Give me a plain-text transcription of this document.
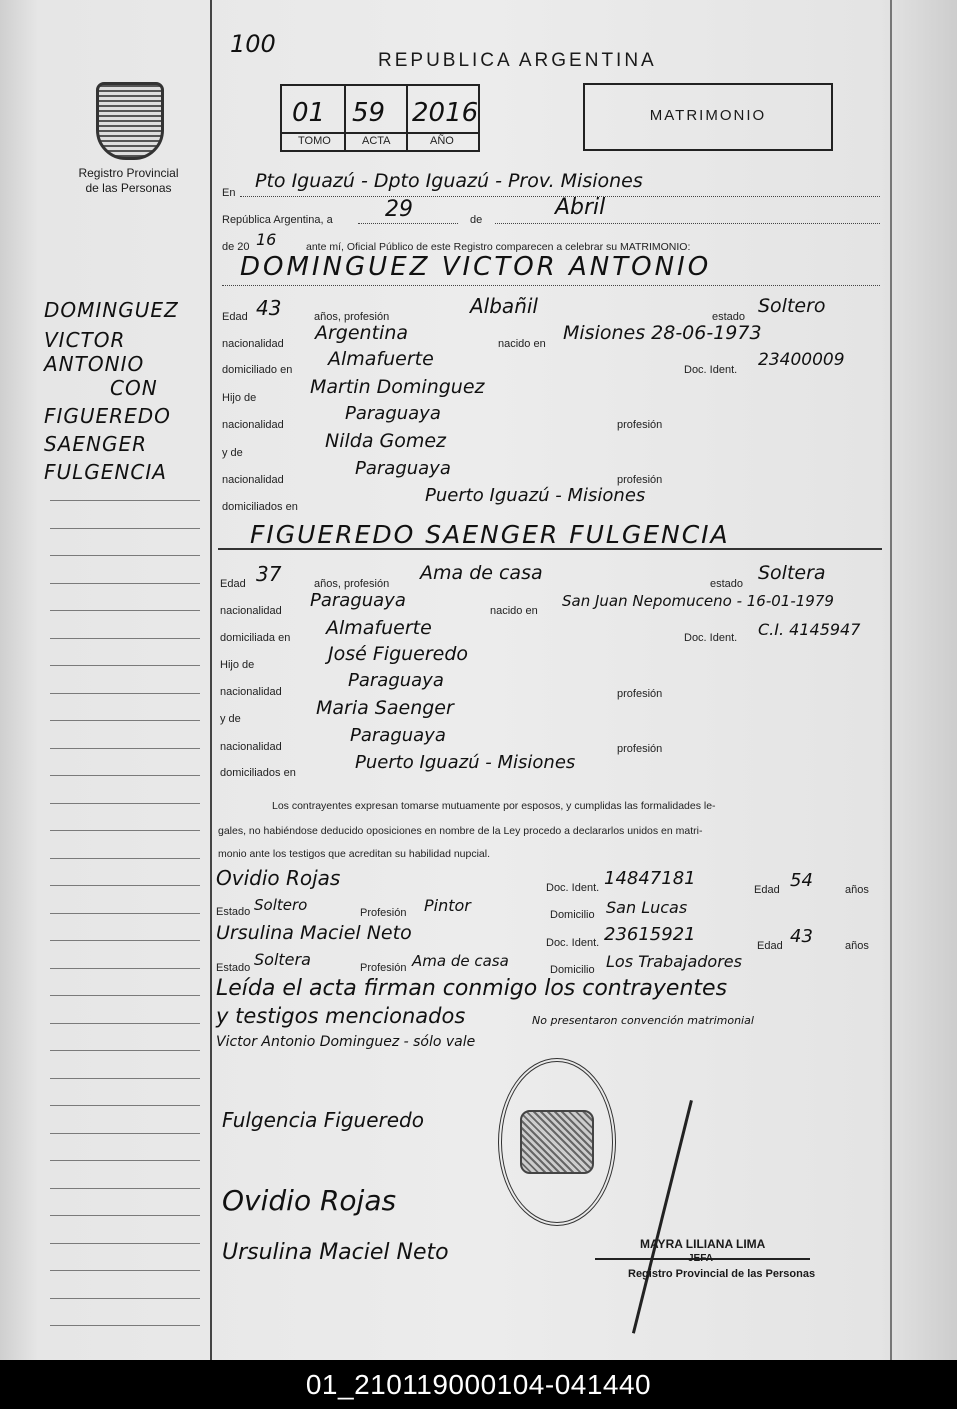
100
REPUBLICA ARGENTINA
Registro Provincial
de las Personas
01 59 2016
TOMO	ACTA	AÑO
MATRIMONIO
En
Pto Iguazú - Dpto Iguazú - Prov. Misiones
República Argentina, a 29	de	Abril
de 20 16	ante mí, Oficial Público de este Registro comparecen a celebrar su MATRIMONIO:
DOMINGUEZ
VICTOR
ANTONIO
CON
FIGUEREDO
SAENGER
FULGENCIA
DOMINGUEZ VICTOR ANTONIO
Edad 43	años, profesión	Albañil	estado Soltero
nacionalidad Argentina	nacido en Misiones 28-06-1973
domiciliado en Almafuerte	Doc. Ident. 23400009
Hijo de	Martin Dominguez
nacionalidad
Paraguaya
profesión
y de
Nilda Gomez
nacionalidad
Paraguaya
profesión
domiciliados en
Puerto Iguazú - Misiones
FIGUEREDO SAENGER FULGENCIA
Edad 37	años, profesión Ama de casa	estado Soltera
nacionalidad Paraguaya	nacido en
San Juan Nepomuceno - 16-01-1979
domiciliada en Almafuerte	Doc. Ident. C.I. 4145947
Hijo de	José Figueredo
nacionalidad
Paraguaya
profesión
y de	Maria Saenger
nacionalidad
Paraguaya
profesión
domiciliados en	Puerto Iguazú - Misiones
Los contrayentes expresan tomarse mutuamente por esposos, y cumplidas las formalidades le-
gales, no habiéndose deducido oposiciones en nombre de la Ley procedo a declararlos unidos en matri-
monio ante los testigos que acreditan su habilidad nupcial.
Ovidio Rojas	Doc. Ident. 14847181
Edad 54	años
Estado Soltero	Profesión Pintor	Domicilio San Lucas
Ursulina Maciel Neto	Doc. Ident. 23615921
Edad 43	años
Estado Soltera	Profesión Ama de casa	Domicilio Los Trabajadores
Leída el acta firman conmigo los contrayentes
y testigos mencionados	No presentaron convención matrimonial
Victor Antonio Dominguez - sólo vale
Fulgencia Figueredo
Ovidio Rojas
Ursulina Maciel Neto	MAYRA LILIANA LIMA
JEFA
Registro Provincial de las Personas
01_210119000104-041440
